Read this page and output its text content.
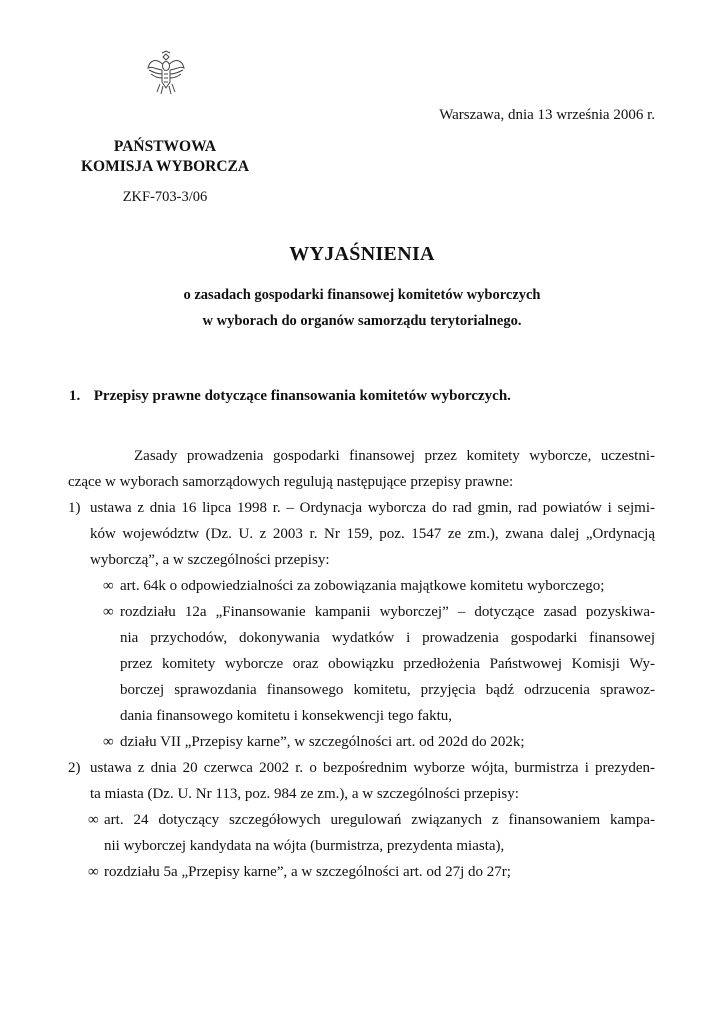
Warszawa, dnia 13 września 2006 r.
PAŃSTWOWA
KOMISJA WYBORCZA
ZKF-703-3/06
WYJAŚNIENIA
o zasadach gospodarki finansowej komitetów wyborczych
w wyborach do organów samorządu terytorialnego.
1. Przepisy prawne dotyczące finansowania komitetów wyborczych.
Zasady prowadzenia gospodarki finansowej przez komitety wyborcze, uczestni-
czące w wyborach samorządowych regulują następujące przepisy prawne:
1) ustawa z dnia 16 lipca 1998 r. – Ordynacja wyborcza do rad gmin, rad powiatów i sejmi-
ków województw (Dz. U. z 2003 r. Nr 159, poz. 1547 ze zm.), zwana dalej „Ordynacją
wyborczą”, a w szczególności przepisy:
∞ art. 64k o odpowiedzialności za zobowiązania majątkowe komitetu wyborczego;
∞ rozdziału 12a „Finansowanie kampanii wyborczej” – dotyczące zasad pozyskiwa-
nia przychodów, dokonywania wydatków i prowadzenia gospodarki finansowej
przez komitety wyborcze oraz obowiązku przedłożenia Państwowej Komisji Wy-
borczej sprawozdania finansowego komitetu, przyjęcia bądź odrzucenia sprawoz-
dania finansowego komitetu i konsekwencji tego faktu,
∞ działu VII „Przepisy karne”, w szczególności art. od 202d do 202k;
2) ustawa z dnia 20 czerwca 2002 r. o bezpośrednim wyborze wójta, burmistrza i prezyden-
ta miasta (Dz. U. Nr 113, poz. 984 ze zm.), a w szczególności przepisy:
∞ art. 24 dotyczący szczegółowych uregulowań związanych z finansowaniem kampa-
nii wyborczej kandydata na wójta (burmistrza, prezydenta miasta),
∞ rozdziału 5a „Przepisy karne”, a w szczególności art. od 27j do 27r;
